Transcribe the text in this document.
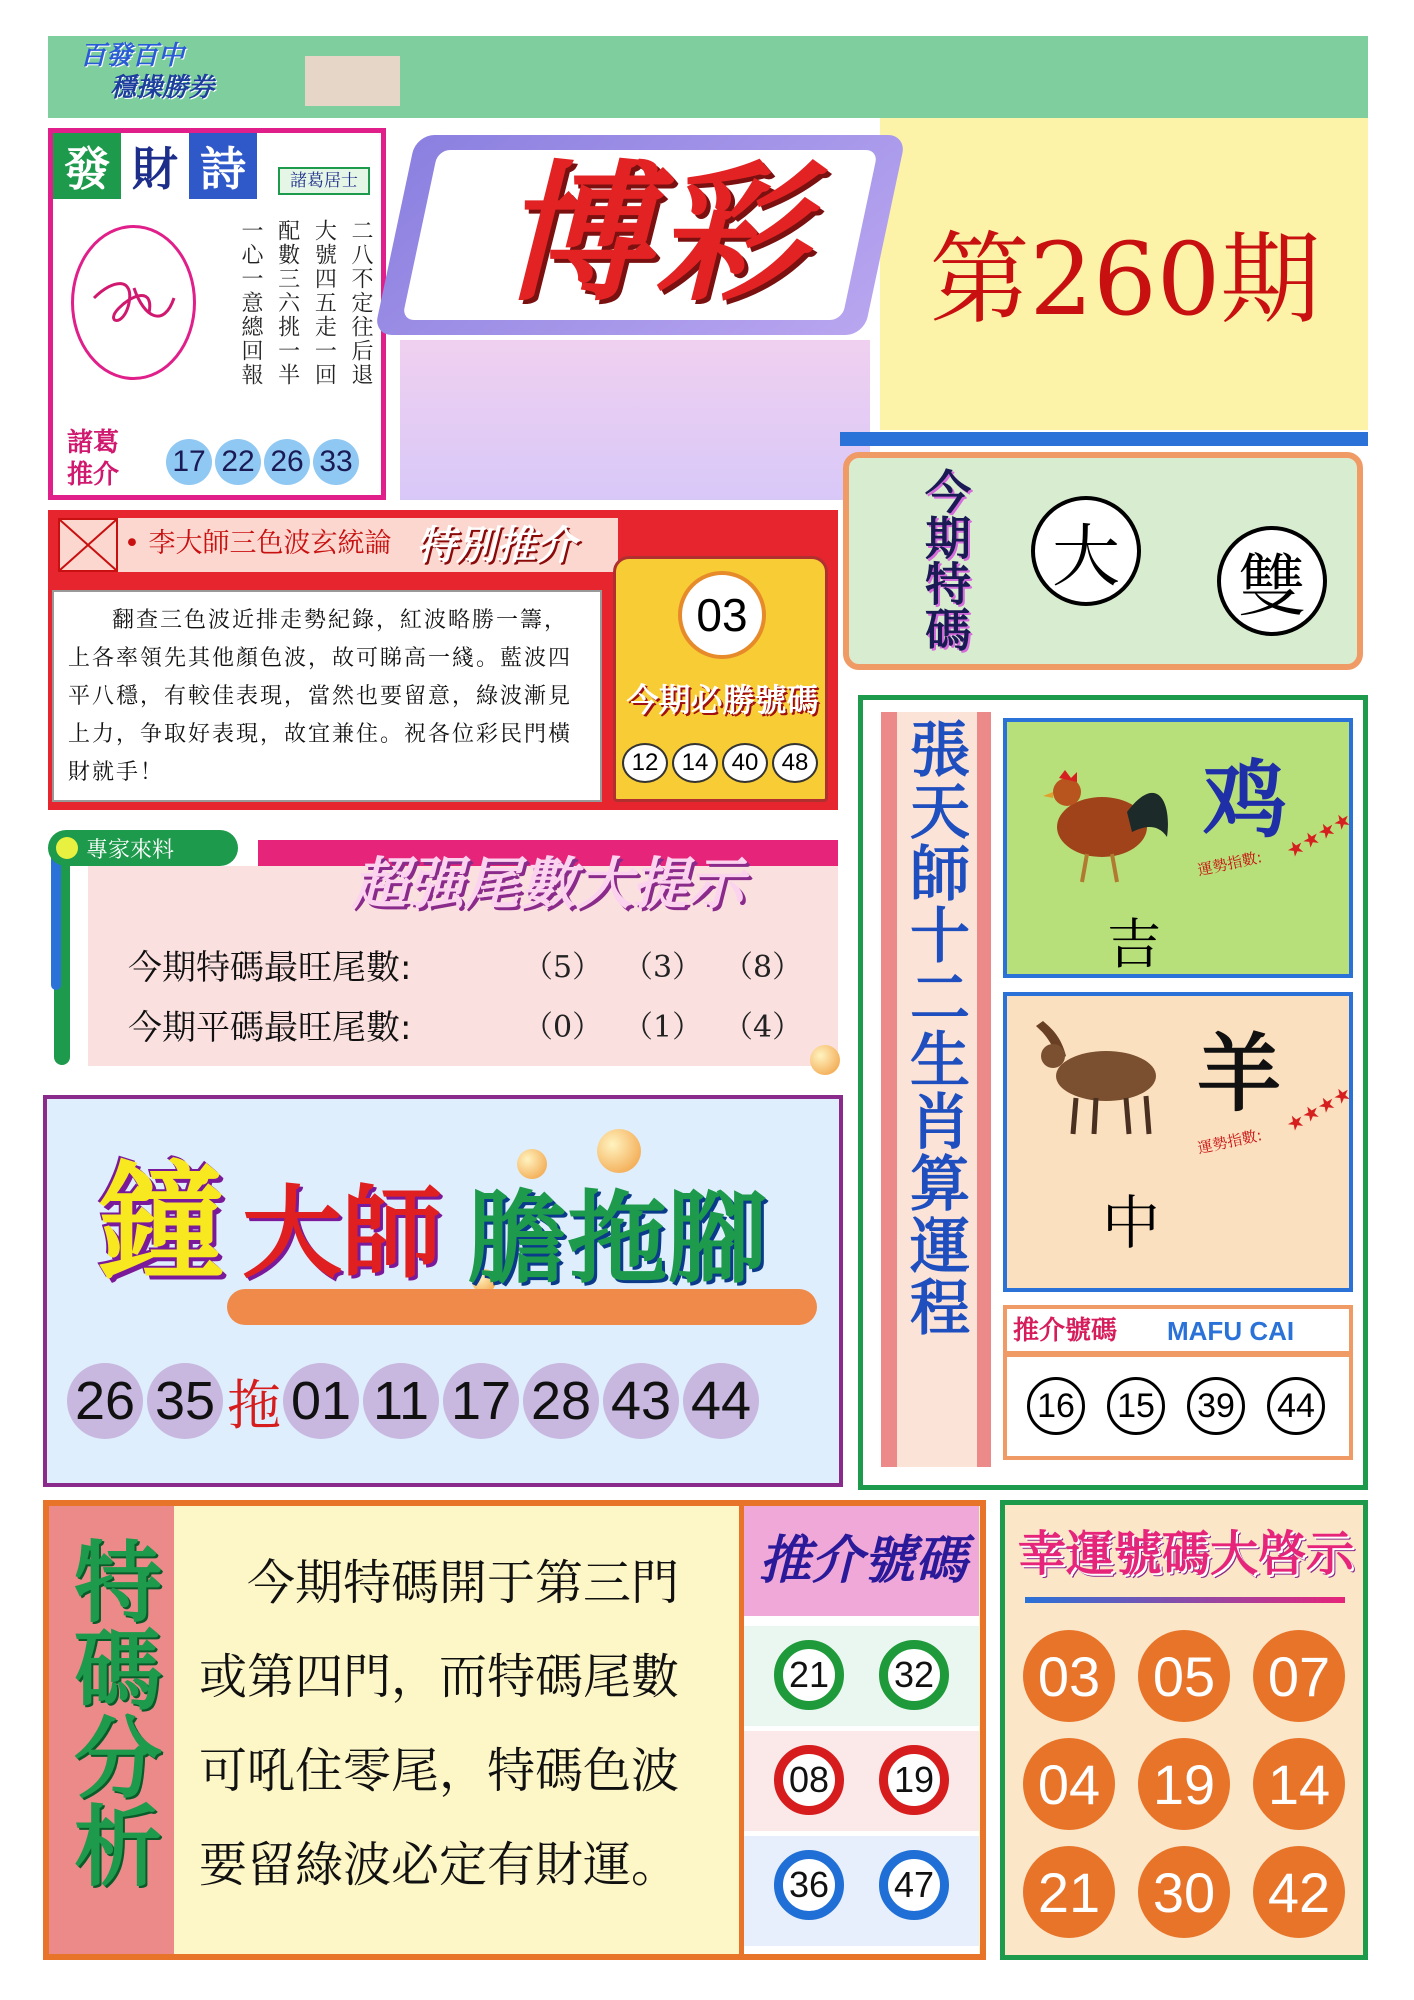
百發百中
穩操勝券
發 財 詩	諸葛居士
二八不定往后退
大號四五走一回
配數三六挑一半
一心一意總回報
諸葛推介	17 22 26 33
博彩	第260期
今期特碼	大	雙
• 李大師三色波玄統論 特別推介
翻查三色波近排走勢紀錄，紅波略勝一籌，上各率領先其他顏色波，故可睇高一綫。藍波四平八穩，有較佳表現，當然也要留意，綠波漸見上力，争取好表現，故宜兼住。祝各位彩民門橫財就手！
03
今期必勝號碼
12 14 40 48
專家來料
超强尾數大提示
今期特碼最旺尾數:	（5） （3） （8）
今期平碼最旺尾數:	（0） （1） （4）	張天師十二生肖算運程	鸡
運勢指數:
★★★★
吉
羊
運勢指數:
★★★★
中
推介號碼	MAFU CAI
16 15 39 44
鐘 大師 膽拖腳
26 35 拖 01 11 17 28 43 44
特碼分析	今期特碼開于第三門
或第四門，而特碼尾數
可吼住零尾，特碼色波
要留綠波必定有財運。
推介號碼
21	32
08	19
36	47
幸運號碼大啓示
03 05 07
04 19 14
21 30 42
